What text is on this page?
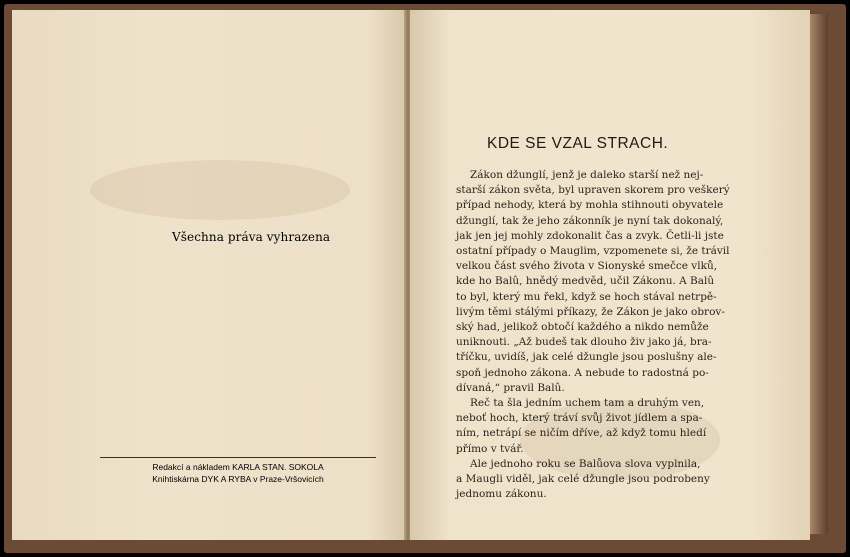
Všechna práva vyhrazena
Redakcí a nákladem KARLA STAN. SOKOLA
Knihtiskárna DYK A RYBA v Praze-Vršovicích
KDE SE VZAL STRACH.
Zákon džunglí, jenž je daleko starší než nej-
starší zákon světa, byl upraven skorem pro veškerý
případ nehody, která by mohla stihnouti obyvatele
džunglí, tak že jeho zákonník je nyní tak dokonalý,
jak jen jej mohly zdokonalit čas a zvyk. Četli-li jste
ostatní případy o Mauglim, vzpomenete si, že trávil
velkou část svého života v Sionyské smečce vlků,
kde ho Balû, hnědý medvěd, učil Zákonu. A Balû
to byl, který mu řekl, když se hoch stával netrpě-
livým těmi stálými příkazy, že Zákon je jako obrov-
ský had, jelikož obtočí každého a nikdo nemůže
uniknouti. „Až budeš tak dlouho živ jako já, bra-
tříčku, uvidíš, jak celé džungle jsou poslušny ale-
spoň jednoho zákona. A nebude to radostná po-
dívaná,“ pravil Balû.
Reč ta šla jedním uchem tam a druhým ven,
neboť hoch, který tráví svůj život jídlem a spa-
ním, netrápí se ničím dříve, až když tomu hledí
přímo v tvář.
Ale jednoho roku se Balůova slova vyplnila,
a Maugli viděl, jak celé džungle jsou podrobeny
jednomu zákonu.
